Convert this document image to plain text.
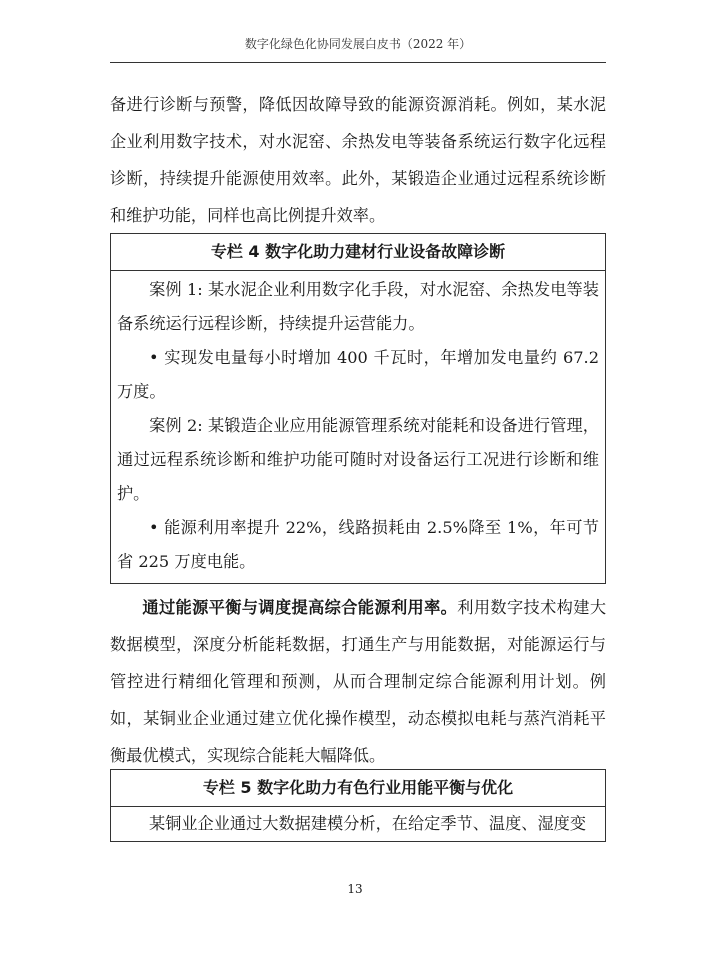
数字化绿色化协同发展白皮书（2022 年）

备进行诊断与预警，降低因故障导致的能源资源消耗。例如，某水泥企业利用数字技术，对水泥窑、余热发电等装备系统运行数字化远程诊断，持续提升能源使用效率。此外，某锻造企业通过远程系统诊断和维护功能，同样也高比例提升效率。

专栏 4 数字化助力建材行业设备故障诊断

案例 1: 某水泥企业利用数字化手段，对水泥窑、余热发电等装备系统运行远程诊断，持续提升运营能力。

• 实现发电量每小时增加 400 千瓦时，年增加发电量约 67.2 万度。

案例 2: 某锻造企业应用能源管理系统对能耗和设备进行管理，通过远程系统诊断和维护功能可随时对设备运行工况进行诊断和维护。

• 能源利用率提升 22%，线路损耗由 2.5%降至 1%，年可节省 225 万度电能。

通过能源平衡与调度提高综合能源利用率。利用数字技术构建大数据模型，深度分析能耗数据，打通生产与用能数据，对能源运行与管控进行精细化管理和预测，从而合理制定综合能源利用计划。例如，某铜业企业通过建立优化操作模型，动态模拟电耗与蒸汽消耗平衡最优模式，实现综合能耗大幅降低。

专栏 5 数字化助力有色行业用能平衡与优化

某铜业企业通过大数据建模分析，在给定季节、温度、湿度变

13
